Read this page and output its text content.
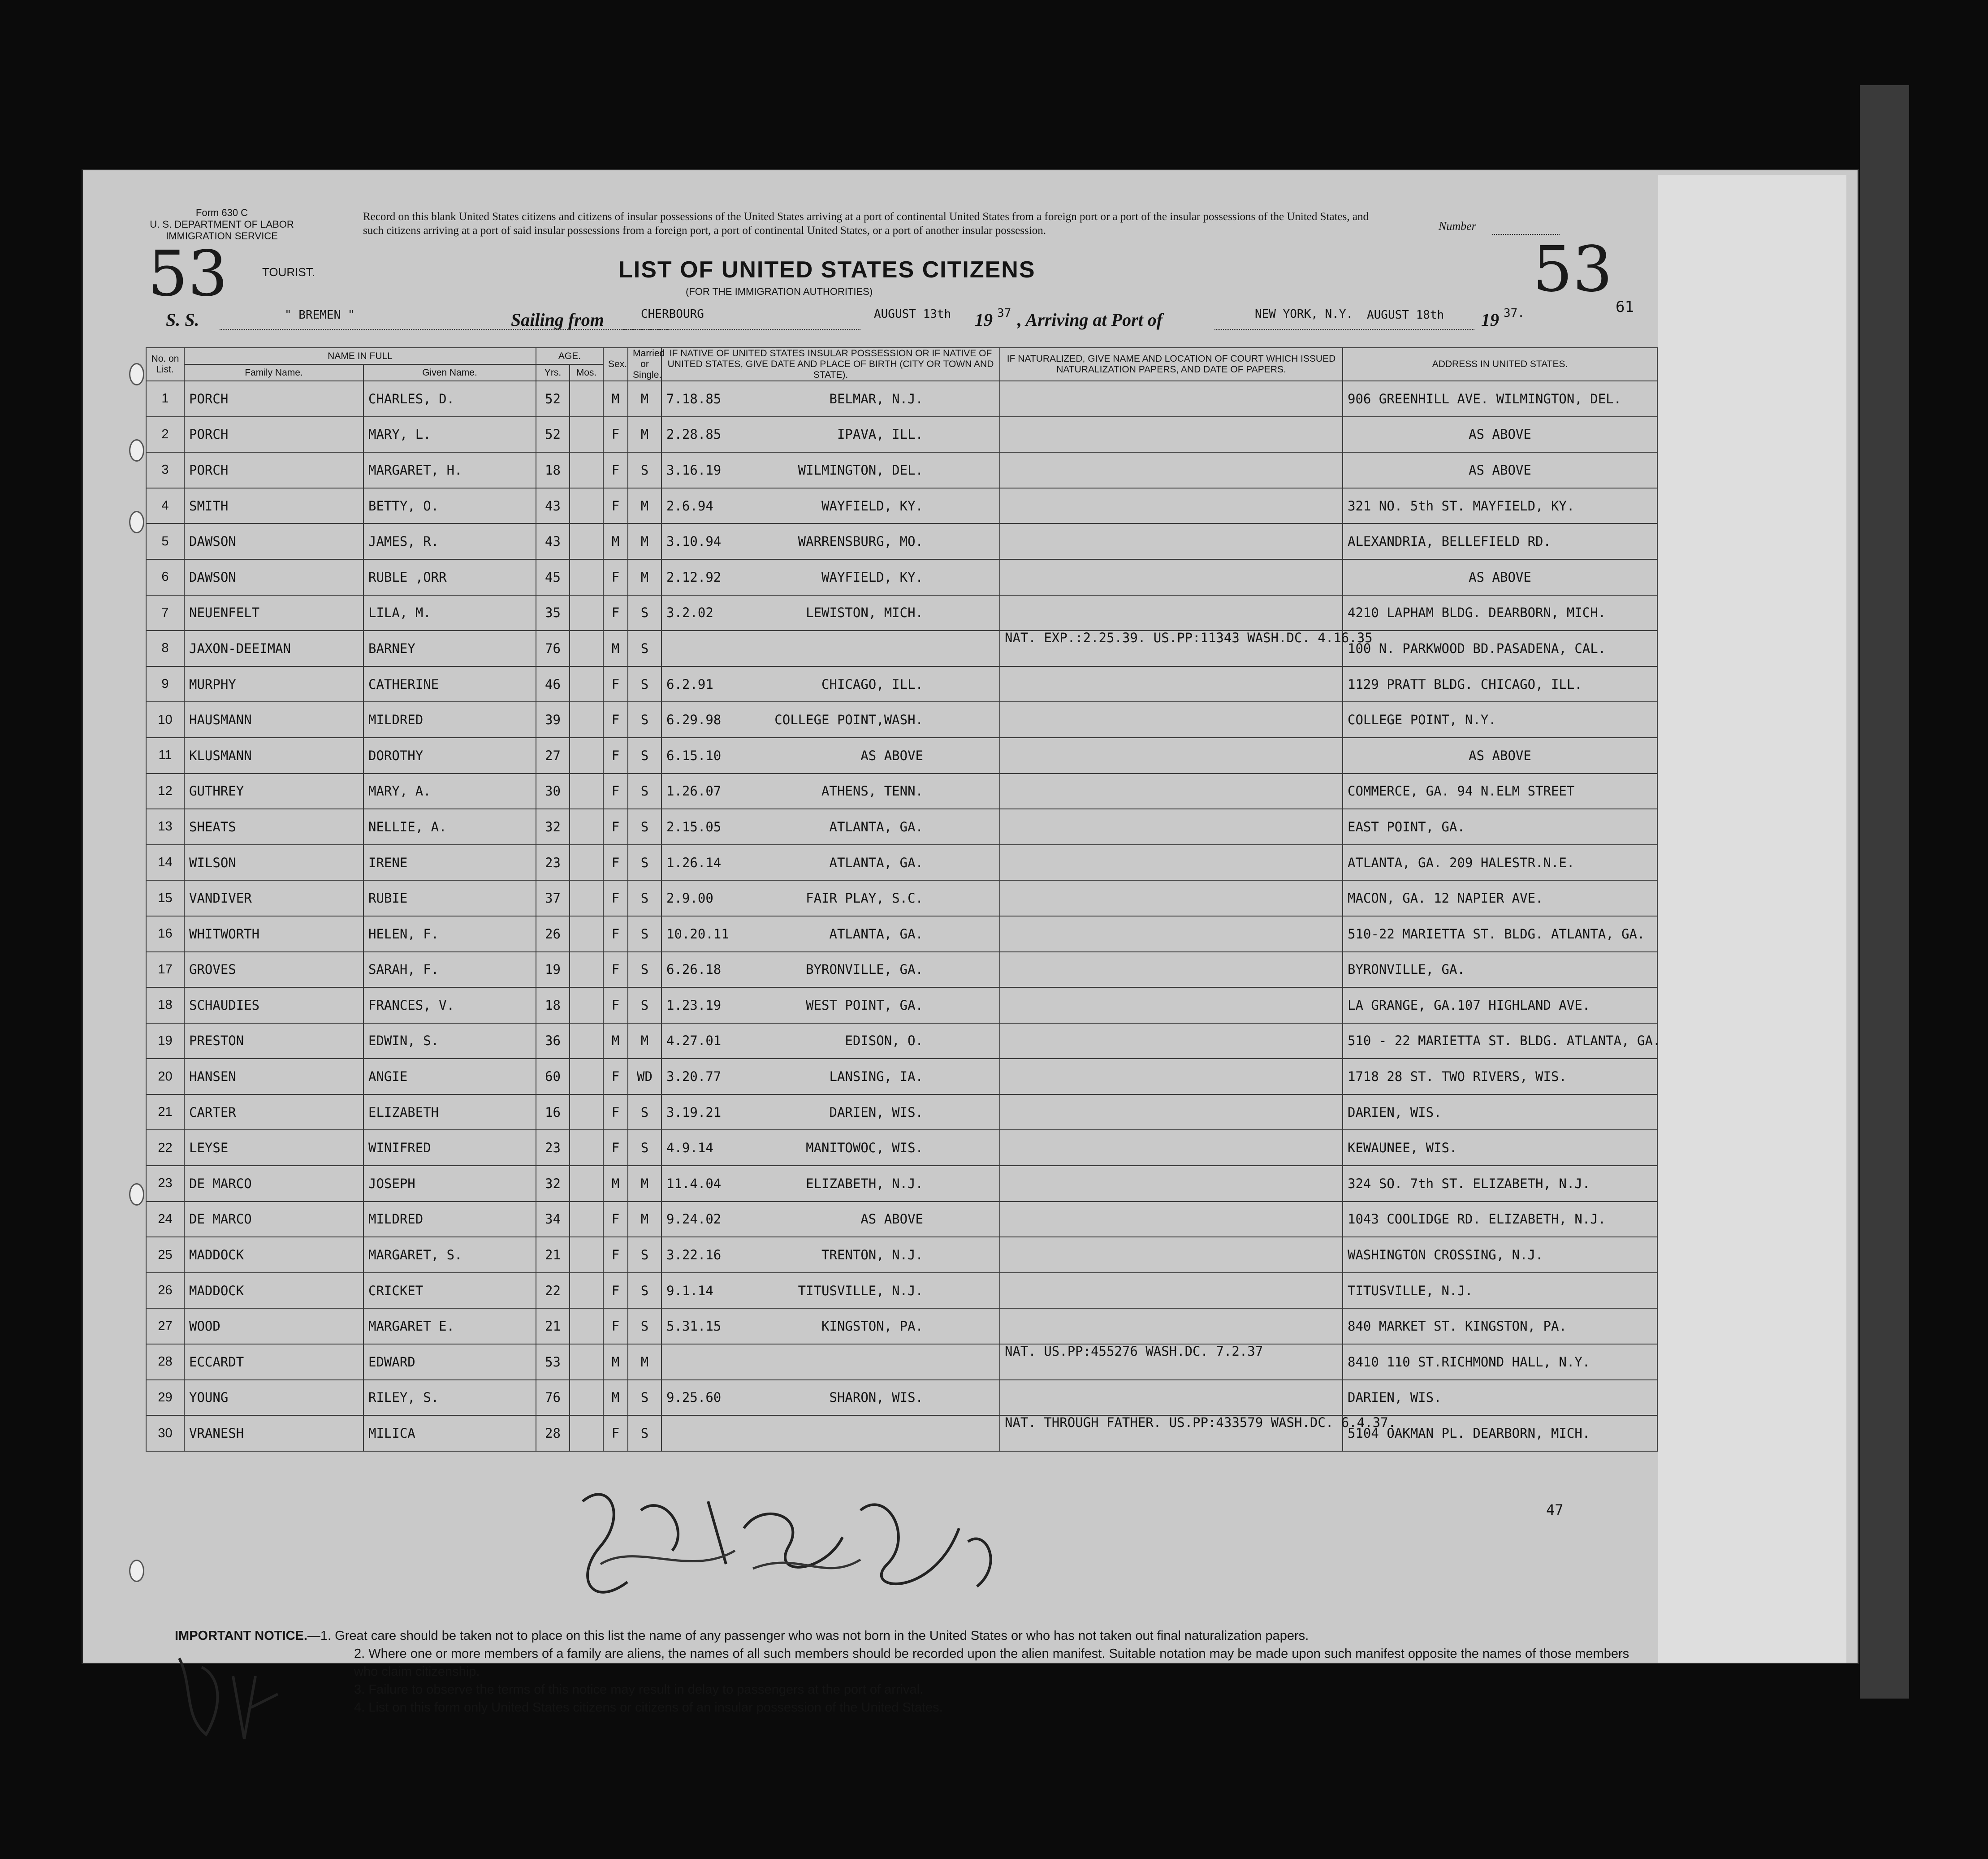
Form 630 C
U. S. DEPARTMENT OF LABOR
IMMIGRATION SERVICE
Record on this blank United States citizens and citizens of insular possessions of the United States arriving at a port of continental United States from a foreign port or a port of the insular possessions of the United States, and such citizens arriving at a port of said insular possessions from a foreign port, a port of continental United States, or a port of another insular possession.	Number
53	53
TOURIST.	LIST OF UNITED STATES CITIZENS
(FOR THE IMMIGRATION AUTHORITIES)
61
S. S.	" BREMEN "	Sailing from	CHERBOURG	AUGUST 13th 19 37 , Arriving at Port of	NEW YORK, N.Y. AUGUST 18th 19 37.
No. on List.	NAME IN FULL		AGE.		Sex.	Married or Single.	IF NATIVE OF UNITED STATES INSULAR POSSESSION OR IF NATIVE OF UNITED STATES, GIVE DATE AND PLACE OF BIRTH (CITY OR TOWN AND STATE).	IF NATURALIZED, GIVE NAME AND LOCATION OF COURT WHICH ISSUED NATURALIZATION PAPERS, AND DATE OF PAPERS.	ADDRESS IN UNITED STATES.
	Family Name.	Given Name.	Yrs.	Mos.					
1	PORCH	CHARLES, D.	52		M	M	7.18.85 BELMAR, N.J.		906 GREENHILL AVE. WILMINGTON, DEL.
2	PORCH	MARY, L.	52		F	M	2.28.85 IPAVA, ILL.		AS ABOVE
3	PORCH	MARGARET, H.	18		F	S	3.16.19 WILMINGTON, DEL.		AS ABOVE
4	SMITH	BETTY, O.	43		F	M	2.6.94 WAYFIELD, KY.		321 NO. 5th ST. MAYFIELD, KY.
5	DAWSON	JAMES, R.	43		M	M	3.10.94 WARRENSBURG, MO.		ALEXANDRIA, BELLEFIELD RD.
6	DAWSON	RUBLE ,ORR	45		F	M	2.12.92 WAYFIELD, KY.		AS ABOVE
7	NEUENFELT	LILA, M.	35		F	S	3.2.02 LEWISTON, MICH.		4210 LAPHAM BLDG. DEARBORN, MICH.
8	JAXON-DEEIMAN	BARNEY	76		M	S		NAT. EXP.:2.25.39. US.PP:11343 WASH.DC. 4.16.35	100 N. PARKWOOD BD.PASADENA, CAL.
9	MURPHY	CATHERINE	46		F	S	6.2.91 CHICAGO, ILL.		1129 PRATT BLDG. CHICAGO, ILL.
10	HAUSMANN	MILDRED	39		F	S	6.29.98 COLLEGE POINT,WASH.		COLLEGE POINT, N.Y.
11	KLUSMANN	DOROTHY	27		F	S	6.15.10 AS ABOVE		AS ABOVE
12	GUTHREY	MARY, A.	30		F	S	1.26.07 ATHENS, TENN.		COMMERCE, GA. 94 N.ELM STREET
13	SHEATS	NELLIE, A.	32		F	S	2.15.05 ATLANTA, GA.		EAST POINT, GA.
14	WILSON	IRENE	23		F	S	1.26.14 ATLANTA, GA.		ATLANTA, GA. 209 HALESTR.N.E.
15	VANDIVER	RUBIE	37		F	S	2.9.00 FAIR PLAY, S.C.		MACON, GA. 12 NAPIER AVE.
16	WHITWORTH	HELEN, F.	26		F	S	10.20.11 ATLANTA, GA.		510-22 MARIETTA ST. BLDG. ATLANTA, GA.
17	GROVES	SARAH, F.	19		F	S	6.26.18 BYRONVILLE, GA.		BYRONVILLE, GA.
18	SCHAUDIES	FRANCES, V.	18		F	S	1.23.19 WEST POINT, GA.		LA GRANGE, GA.107 HIGHLAND AVE.
19	PRESTON	EDWIN, S.	36		M	M	4.27.01 EDISON, O.		510 - 22 MARIETTA ST. BLDG. ATLANTA, GA.
20	HANSEN	ANGIE	60		F	WD	3.20.77 LANSING, IA.		1718 28 ST. TWO RIVERS, WIS.
21	CARTER	ELIZABETH	16		F	S	3.19.21 DARIEN, WIS.		DARIEN, WIS.
22	LEYSE	WINIFRED	23		F	S	4.9.14 MANITOWOC, WIS.		KEWAUNEE, WIS.
23	DE MARCO	JOSEPH	32		M	M	11.4.04 ELIZABETH, N.J.		324 SO. 7th ST. ELIZABETH, N.J.
24	DE MARCO	MILDRED	34		F	M	9.24.02 AS ABOVE		1043 COOLIDGE RD. ELIZABETH, N.J.
25	MADDOCK	MARGARET, S.	21		F	S	3.22.16 TRENTON, N.J.		WASHINGTON CROSSING, N.J.
26	MADDOCK	CRICKET	22		F	S	9.1.14 TITUSVILLE, N.J.		TITUSVILLE, N.J.
27	WOOD	MARGARET E.	21		F	S	5.31.15 KINGSTON, PA.		840 MARKET ST. KINGSTON, PA.
28	ECCARDT	EDWARD	53		M	M		NAT. US.PP:455276 WASH.DC. 7.2.37	8410 110 ST.RICHMOND HALL, N.Y.
29	YOUNG	RILEY, S.	76		M	S	9.25.60 SHARON, WIS.		DARIEN, WIS.
30	VRANESH	MILICA	28		F	S		NAT. THROUGH FATHER. US.PP:433579 WASH.DC. 6.4.37.	5104 OAKMAN PL. DEARBORN, MICH.
47
IMPORTANT NOTICE.—1. Great care should be taken not to place on this list the name of any passenger who was not born in the United States or who has not taken out final naturalization papers.
2. Where one or more members of a family are aliens, the names of all such members should be recorded upon the alien manifest. Suitable notation may be made upon such manifest opposite the names of those members who claim citizenship.
3. Failure to observe the terms of this notice may result in delay to passengers at the port of arrival.
4. List on this form only United States citizens or citizens of an insular possession of the United States.
